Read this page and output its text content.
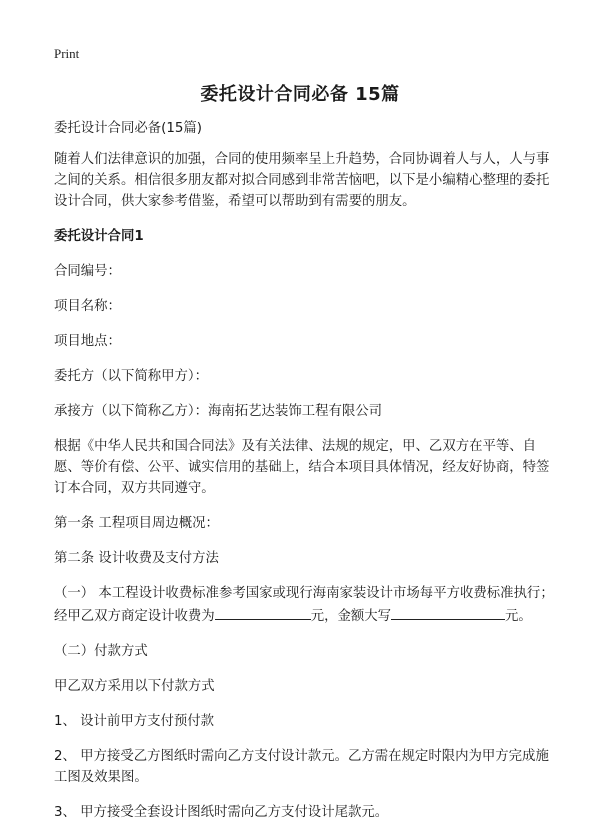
Print
委托设计合同必备 15篇

委托设计合同必备(15篇)

随着人们法律意识的加强，合同的使用频率呈上升趋势，合同协调着人与人，人与事之间的关系。相信很多朋友都对拟合同感到非常苦恼吧，以下是小编精心整理的委托设计合同，供大家参考借鉴，希望可以帮助到有需要的朋友。

委托设计合同1

合同编号：

项目名称：

项目地点：

委托方（以下简称甲方）：

承接方（以下简称乙方）：海南拓艺达装饰工程有限公司

根据《中华人民共和国合同法》及有关法律、法规的规定，甲、乙双方在平等、自愿、等价有偿、公平、诚实信用的基础上，结合本项目具体情况，经友好协商，特签订本合同，双方共同遵守。

第一条 工程项目周边概况：

第二条 设计收费及支付方法

（一） 本工程设计收费标准参考国家或现行海南家装设计市场每平方收费标准执行；经甲乙双方商定设计收费为	元，金额大写	元。

（二）付款方式

甲乙双方采用以下付款方式

1、 设计前甲方支付预付款

2、 甲方接受乙方图纸时需向乙方支付设计款元。乙方需在规定时限内为甲方完成施工图及效果图。

3、 甲方接受全套设计图纸时需向乙方支付设计尾款元。
